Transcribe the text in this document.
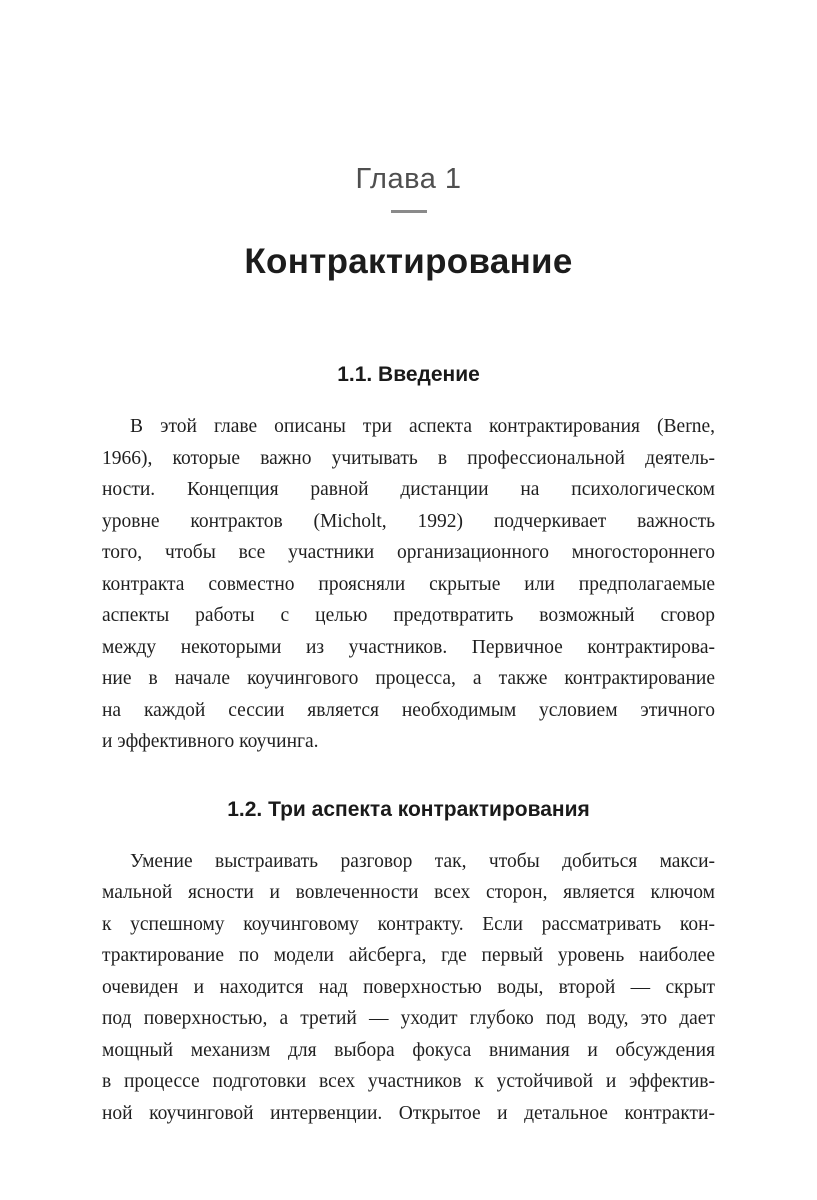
Глава 1
Контрактирование
1.1. Введение
В этой главе описаны три аспекта контрактирования (Berne,
1966), которые важно учитывать в профессиональной деятель-
ности. Концепция равной дистанции на психологическом
уровне контрактов (Micholt, 1992) подчеркивает важность
того, чтобы все участники организационного многостороннего
контракта совместно проясняли скрытые или предполагаемые
аспекты работы с целью предотвратить возможный сговор
между некоторыми из участников. Первичное контрактирова-
ние в начале коучингового процесса, а также контрактирование
на каждой сессии является необходимым условием этичного
и эффективного коучинга.
1.2. Три аспекта контрактирования
Умение выстраивать разговор так, чтобы добиться макси-
мальной ясности и вовлеченности всех сторон, является ключом
к успешному коучинговому контракту. Если рассматривать кон-
трактирование по модели айсберга, где первый уровень наиболее
очевиден и находится над поверхностью воды, второй — скрыт
под поверхностью, а третий — уходит глубоко под воду, это дает
мощный механизм для выбора фокуса внимания и обсуждения
в процессе подготовки всех участников к устойчивой и эффектив-
ной коучинговой интервенции. Открытое и детальное контракти-
